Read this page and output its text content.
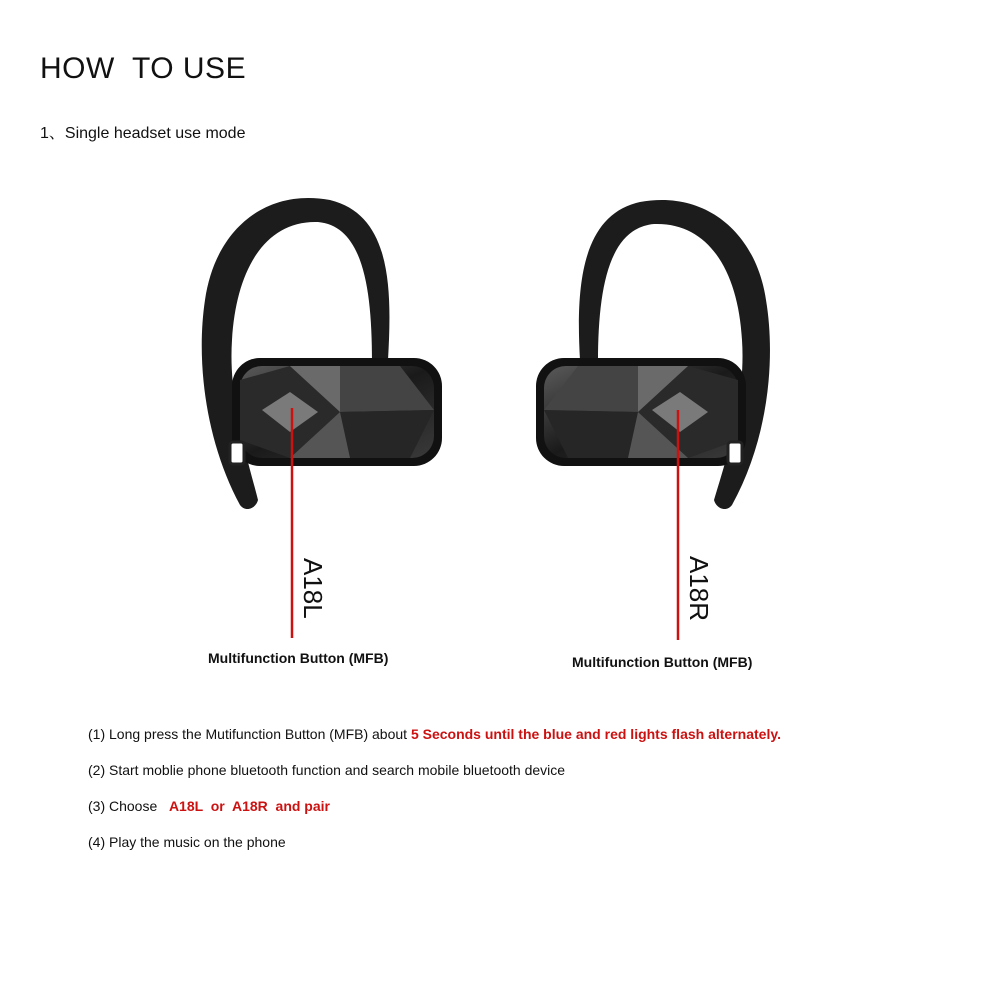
HOW  TO USE
1、Single headset use mode
A18L	A18R
Multifunction Button (MFB)	Multifunction Button (MFB)
(1) Long press the Mutifunction Button (MFB) about 5 Seconds until the blue and red lights flash alternately.
(2) Start moblie phone bluetooth function and search mobile bluetooth device
(3) Choose   A18L  or  A18R  and pair
(4) Play the music on the phone
